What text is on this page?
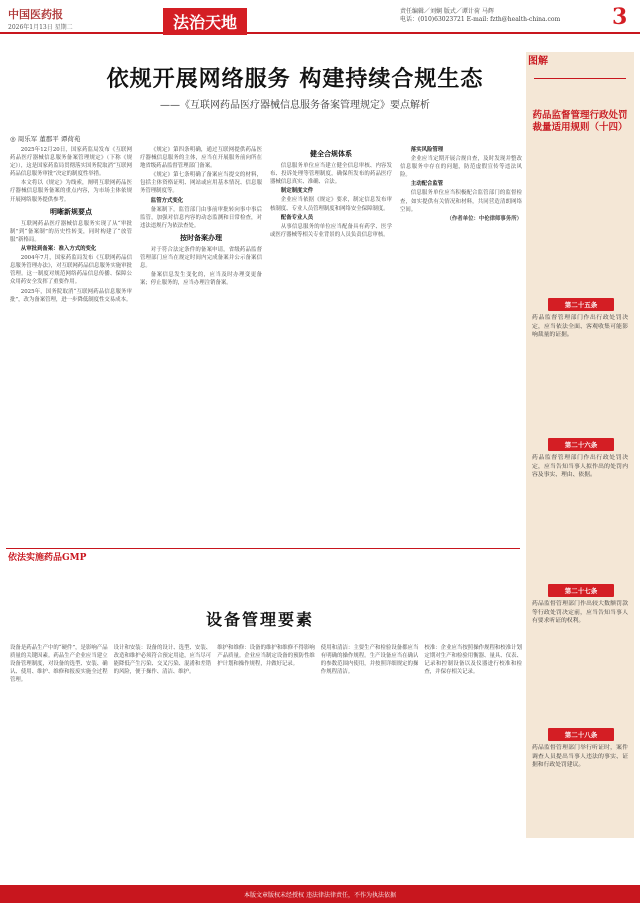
中国医药报
2026年1月13日 星期二	法治天地
责任编辑／刘娴 版式／谭计荷 马辉
电话：(010)63023721 E-mail: fzth@health-china.com	3
依规开展网络服务 构建持续合规生态
——《互联网药品医疗器械信息服务备案管理规定》要点解析
◎ 周乐军 董郡平 谭荷苑

2025年12月20日，国家药监局发布《互联网药品医疗器械信息服务备案管理规定》（下称《规定》），这是国家药监局贯彻落实国务院取消“互联网药品信息服务审批”决定的制度性举措。

本文将以《规定》为线索，阐明互联网药品医疗器械信息服务备案的重点内容，为市场主体依规开展网络服务提供参考。

明晰新规要点

互联网药品医疗器械信息服务实现了从“审批制”到“备案制”的历史性转变，同时构建了“放管服”新格局。

从审批到备案：准入方式的变化

2004年7月，国家药监局发布《互联网药品信息服务管理办法》，对互联网药品信息服务实施审批管理。这一制度对规范网络药品信息传播、保障公众用药安全发挥了重要作用。

2025年，国务院取消“互联网药品信息服务审批”，改为备案管理，进一步降低制度性交易成本。

《规定》第四条明确，通过互联网提供药品医疗器械信息服务的主体，应当在开展服务前向所在地省级药品监督管理部门备案。

《规定》第七条明确了备案应当提交的材料，包括主体资格证明、网站或应用基本情况、信息服务管理制度等。

监管方式变化

备案制下，监管部门由事前审批转向事中事后监管，加强对信息内容的动态监测和日常检查，对违法违规行为依法查处。

按时备案办理

对于符合法定条件的备案申请，省级药品监督管理部门应当在规定时间内完成备案并公示备案信息。

备案信息发生变化的，应当及时办理变更备案；停止服务的，应当办理注销备案。

健全合规体系

信息服务单位应当建立健全信息审核、内容发布、投诉处理等管理制度，确保所发布的药品医疗器械信息真实、准确、合法。

制定制度文件

企业应当依据《规定》要求，制定信息发布审核制度、专业人员管理制度和网络安全保障制度。

配备专业人员

从事信息服务的单位应当配备具有药学、医学或医疗器械等相关专业背景的人员负责信息审核。

落实风险管理

企业应当定期开展合规自查，及时发现并整改信息服务中存在的问题，防范虚假宣传等违法风险。

主动配合监管

信息服务单位应当积极配合监管部门的监督检查，如实提供有关情况和材料，共同营造清朗网络空间。

（作者单位：中伦律师事务所）

图解
药品监督管理行政处罚裁量适用规则（十四）
第二十五条
药品监督管理部门作出行政处罚决定，应当依法全面、客观收集可能影响裁量的证据。
第二十六条
药品监督管理部门作出行政处罚决定，应当告知当事人拟作出的处罚内容及事实、理由、依据。
第二十七条
药品监督管理部门作出较大数额罚款等行政处罚决定前，应当告知当事人有要求听证的权利。
第二十八条
药品监督管理部门举行听证时，案件调查人员提出当事人违法的事实、证据和行政处罚建议。
依法实施药品GMP
设备管理要素
设备是药品生产中的“硬件”，是影响产品质量的关键因素。药品生产企业应当建立设备管理制度，对设备的选型、安装、确认、使用、维护、维修和报废实施全过程管理。
设计和安装：设备的设计、选型、安装、改造和维护必须符合预定用途，应当尽可能降低产生污染、交叉污染、混淆和差错的风险，便于操作、清洁、维护。
维护和维修：设备的维护和维修不得影响产品质量。企业应当制定设备的预防性维护计划和操作规程，并做好记录。
使用和清洁：主要生产和检验设备都应当有明确的操作规程。生产设备应当在确认的参数范围内使用，并按照详细规定的操作规程清洁。
校准：企业应当按照操作规程和校准计划定期对生产和检验用衡器、量具、仪表、记录和控制设备以及仪器进行校准和检查，并保存相关记录。
本版文章版权未经授权 违法律法律责任，不作为执法依据
